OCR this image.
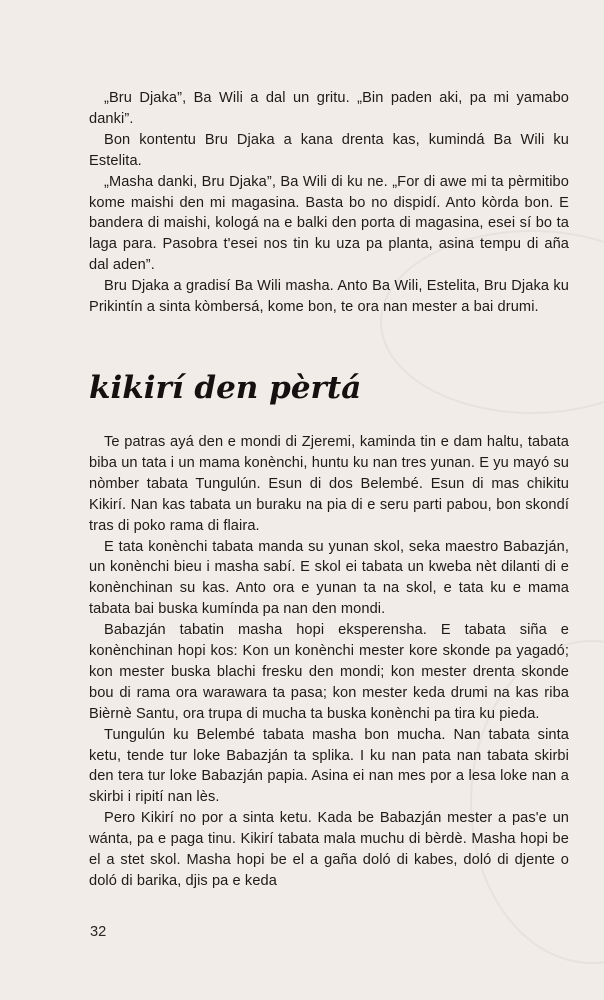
„Bru Djaka”, Ba Wili a dal un gritu. „Bin paden aki, pa mi yamabo danki”.

Bon kontentu Bru Djaka a kana drenta kas, kumindá Ba Wili ku Estelita.

„Masha danki, Bru Djaka”, Ba Wili di ku ne. „For di awe mi ta pèrmitibo kome maishi den mi magasina. Basta bo no dispidí. Anto kòrda bon. E bandera di maishi, kologá na e balki den porta di magasina, esei sí bo ta laga para. Pasobra t'esei nos tin ku uza pa planta, asina tempu di aña dal aden”.

Bru Djaka a gradisí Ba Wili masha. Anto Ba Wili, Estelita, Bru Djaka ku Prikintín a sinta kòmbersá, kome bon, te ora nan mester a bai drumi.

kikirí den pèrtá

Te patras ayá den e mondi di Zjeremi, kaminda tin e dam haltu, tabata biba un tata i un mama konènchi, huntu ku nan tres yunan. E yu mayó su nòmber tabata Tungulún. Esun di dos Belembé. Esun di mas chikitu Kikirí. Nan kas tabata un buraku na pia di e seru parti pabou, bon skondí tras di poko rama di flaira.

E tata konènchi tabata manda su yunan skol, seka maestro Babazján, un konènchi bieu i masha sabí. E skol ei tabata un kweba nèt dilanti di e konènchinan su kas. Anto ora e yunan ta na skol, e tata ku e mama tabata bai buska kumínda pa nan den mondi.

Babazján tabatin masha hopi eksperensha. E tabata siña e konènchinan hopi kos: Kon un konènchi mester kore skonde pa yagadó; kon mester buska blachi fresku den mondi; kon mester drenta skonde bou di rama ora warawara ta pasa; kon mester keda drumi na kas riba Bièrnè Santu, ora trupa di mucha ta buska konènchi pa tira ku pieda.

Tungulún ku Belembé tabata masha bon mucha. Nan tabata sinta ketu, tende tur loke Babazján ta splika. I ku nan pata nan tabata skirbi den tera tur loke Babazján papia. Asina ei nan mes por a lesa loke nan a skirbi i ripití nan lès.

Pero Kikirí no por a sinta ketu. Kada be Babazján mester a pas'e un wánta, pa e paga tinu. Kikirí tabata mala muchu di bèrdè. Masha hopi be el a stet skol. Masha hopi be el a gaña doló di kabes, doló di djente o doló di barika, djis pa e keda

32
